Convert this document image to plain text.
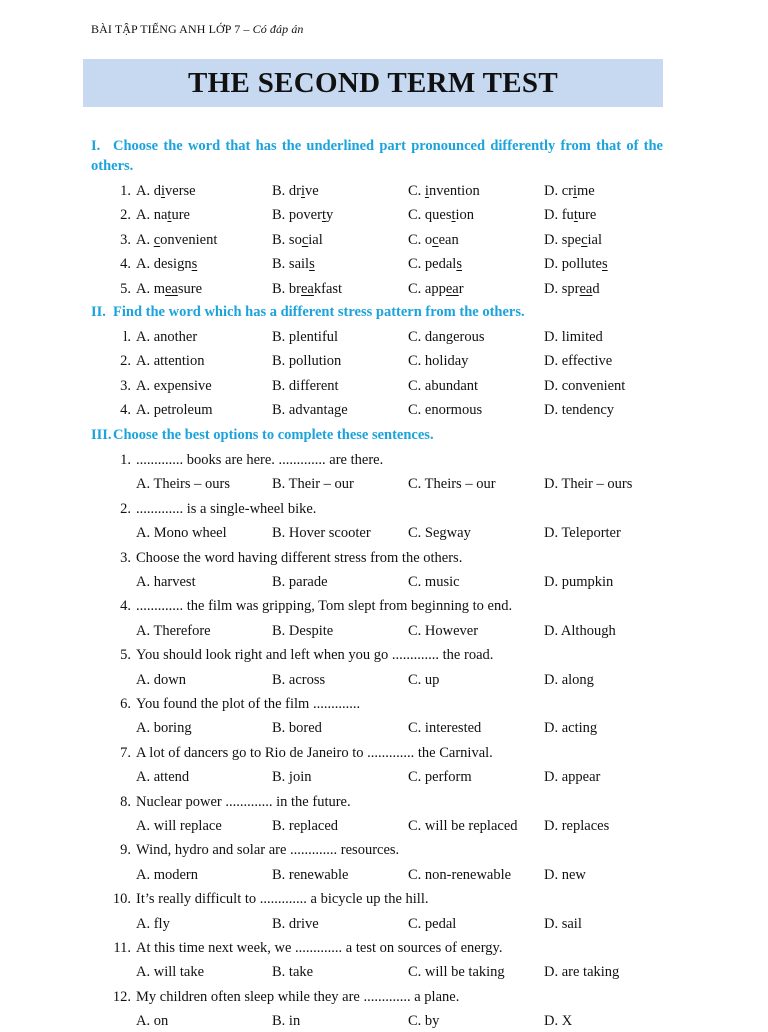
BÀI TẬP TIẾNG ANH LỚP 7 – Có đáp án
THE SECOND TERM TEST
I. Choose the word that has the underlined part pronounced differently from that of the others.
1. A. diverse	B. drive	C. invention	D. crime
2. A. nature	B. poverty	C. question	D. future
3. A. convenient	B. social	C. ocean	D. special
4. A. designs	B. sails	C. pedals	D. pollutes
5. A. measure	B. breakfast	C. appear	D. spread
II. Find the word which has a different stress pattern from the others.
l. A. another	B. plentiful	C. dangerous	D. limited
2. A. attention	B. pollution	C. holiday	D. effective
3. A. expensive	B. different	C. abundant	D. convenient
4. A. petroleum	B. advantage	C. enormous	D. tendency
III.Choose the best options to complete these sentences.
1. ............. books are here. ............. are there.
A. Theirs – ours	B. Their – our	C. Theirs – our	D. Their – ours
2. ............. is a single-wheel bike.
A. Mono wheel	B. Hover scooter	C. Segway	D. Teleporter
3. Choose the word having different stress from the others.
A. harvest	B. parade	C. music	D. pumpkin
4. ............. the film was gripping, Tom slept from beginning to end.
A. Therefore	B. Despite	C. However	D. Although
5. You should look right and left when you go ............. the road.
A. down	B. across	C. up	D. along
6. You found the plot of the film .............
A. boring	B. bored	C. interested	D. acting
7. A lot of dancers go to Rio de Janeiro to ............. the Carnival.
A. attend	B. join	C. perform	D. appear
8. Nuclear power ............. in the future.
A. will replace	B. replaced	C. will be replaced D. replaces
9. Wind, hydro and solar are ............. resources.
A. modern	B. renewable	C. non-renewable D. new
10. It’s really difficult to ............. a bicycle up the hill.
A. fly	B. drive	C. pedal	D. sail
11. At this time next week, we ............. a test on sources of energy.
A. will take	B. take	C. will be taking	D. are taking
12. My children often sleep while they are ............. a plane.
A. on	B. in	C. by	D. X
